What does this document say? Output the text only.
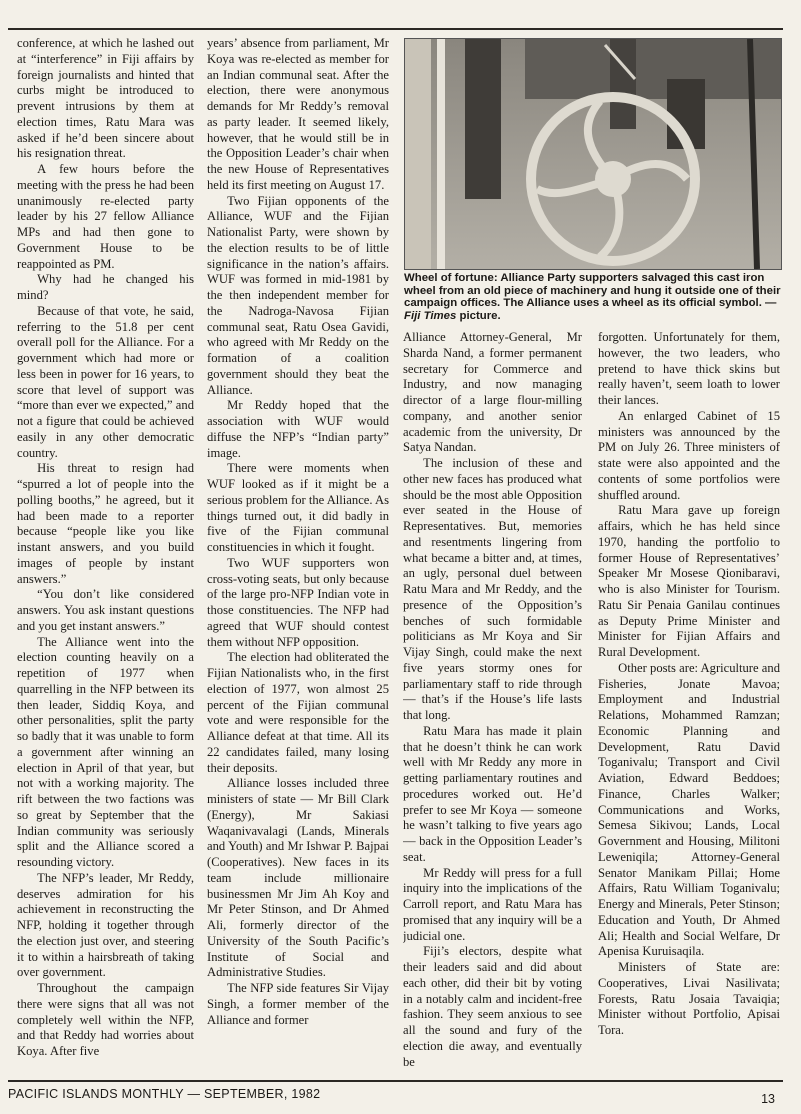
conference, at which he lashed out at “interference” in Fiji affairs by foreign journalists and hinted that curbs might be introduced to prevent intrusions by them at election times, Ratu Mara was asked if he’d been sincere about his resignation threat.

A few hours before the meeting with the press he had been unanimously re-elected party leader by his 27 fellow Alliance MPs and had then gone to Government House to be reappointed as PM.

Why had he changed his mind?

Because of that vote, he said, referring to the 51.8 per cent overall poll for the Alliance. For a government which had more or less been in power for 16 years, to score that level of support was “more than ever we expected,” and not a figure that could be achieved easily in any other democratic country.

His threat to resign had “spurred a lot of people into the polling booths,” he agreed, but it had been made to a reporter because “people like you like instant answers, and you build images of people by instant answers.”

“You don’t like considered answers. You ask instant questions and you get instant answers.”

The Alliance went into the election counting heavily on a repetition of 1977 when quarrelling in the NFP between its then leader, Siddiq Koya, and other personalities, split the party so badly that it was unable to form a government after winning an election in April of that year, but not with a working majority. The rift between the two factions was so great by September that the Indian community was seriously split and the Alliance scored a resounding victory.

The NFP’s leader, Mr Reddy, deserves admiration for his achievement in reconstructing the NFP, holding it together through the election just over, and steering it to within a hairsbreath of taking over government.

Throughout the campaign there were signs that all was not completely well within the NFP, and that Reddy had worries about Koya. After five

years’ absence from parliament, Mr Koya was re-elected as member for an Indian communal seat. After the election, there were anonymous demands for Mr Reddy’s removal as party leader. It seemed likely, however, that he would still be in the Opposition Leader’s chair when the new House of Representatives held its first meeting on August 17.

Two Fijian opponents of the Alliance, WUF and the Fijian Nationalist Party, were shown by the election results to be of little significance in the nation’s affairs. WUF was formed in mid-1981 by the then independent member for the Nadroga-Navosa Fijian communal seat, Ratu Osea Gavidi, who agreed with Mr Reddy on the formation of a coalition government should they beat the Alliance.

Mr Reddy hoped that the association with WUF would diffuse the NFP’s “Indian party” image.

There were moments when WUF looked as if it might be a serious problem for the Alliance. As things turned out, it did badly in five of the Fijian communal constituencies in which it fought.

Two WUF supporters won cross-voting seats, but only because of the large pro-NFP Indian vote in those constituencies. The NFP had agreed that WUF should contest them without NFP opposition.

The election had obliterated the Fijian Nationalists who, in the first election of 1977, won almost 25 percent of the Fijian communal vote and were responsible for the Alliance defeat at that time. All its 22 candidates failed, many losing their deposits.

Alliance losses included three ministers of state — Mr Bill Clark (Energy), Mr Sakiasi Waqanivavalagi (Lands, Minerals and Youth) and Mr Ishwar P. Bajpai (Cooperatives). New faces in its team include millionaire businessmen Mr Jim Ah Koy and Mr Peter Stinson, and Dr Ahmed Ali, formerly director of the University of the South Pacific’s Institute of Social and Administrative Studies.

The NFP side features Sir Vijay Singh, a former member of the Alliance and former

Wheel of fortune: Alliance Party supporters salvaged this cast iron wheel from an old piece of machinery and hung it outside one of their campaign offices. The Alliance uses a wheel as its official symbol. — Fiji Times picture.

Alliance Attorney-General, Mr Sharda Nand, a former permanent secretary for Commerce and Industry, and now managing director of a large flour-milling company, and another senior academic from the university, Dr Satya Nandan.

The inclusion of these and other new faces has produced what should be the most able Opposition ever seated in the House of Representatives. But, memories and resentments lingering from what became a bitter and, at times, an ugly, personal duel between Ratu Mara and Mr Reddy, and the presence of the Opposition’s benches of such formidable politicians as Mr Koya and Sir Vijay Singh, could make the next five years stormy ones for parliamentary staff to ride through — that’s if the House’s life lasts that long.

Ratu Mara has made it plain that he doesn’t think he can work well with Mr Reddy any more in getting parliamentary routines and procedures worked out. He’d prefer to see Mr Koya — someone he wasn’t talking to five years ago — back in the Opposition Leader’s seat.

Mr Reddy will press for a full inquiry into the implications of the Carroll report, and Ratu Mara has promised that any inquiry will be a judicial one.

Fiji’s electors, despite what their leaders said and did about each other, did their bit by voting in a notably calm and incident-free fashion. They seem anxious to see all the sound and fury of the election die away, and eventually be

forgotten. Unfortunately for them, however, the two leaders, who pretend to have thick skins but really haven’t, seem loath to lower their lances.

An enlarged Cabinet of 15 ministers was announced by the PM on July 26. Three ministers of state were also appointed and the contents of some portfolios were shuffled around.

Ratu Mara gave up foreign affairs, which he has held since 1970, handing the portfolio to former House of Representatives’ Speaker Mr Mosese Qionibaravi, who is also Minister for Tourism. Ratu Sir Penaia Ganilau continues as Deputy Prime Minister and Minister for Fijian Affairs and Rural Development.

Other posts are: Agriculture and Fisheries, Jonate Mavoa; Employment and Industrial Relations, Mohammed Ramzan; Economic Planning and Development, Ratu David Toganivalu; Transport and Civil Aviation, Edward Beddoes; Finance, Charles Walker; Communications and Works, Semesa Sikivou; Lands, Local Government and Housing, Militoni Leweniqila; Attorney-General Senator Manikam Pillai; Home Affairs, Ratu William Toganivalu; Energy and Minerals, Peter Stinson; Education and Youth, Dr Ahmed Ali; Health and Social Welfare, Dr Apenisa Kuruisaqila.

Ministers of State are: Cooperatives, Livai Nasilivata; Forests, Ratu Josaia Tavaiqia; Minister without Portfolio, Apisai Tora.

PACIFIC ISLANDS MONTHLY — SEPTEMBER, 1982	13
